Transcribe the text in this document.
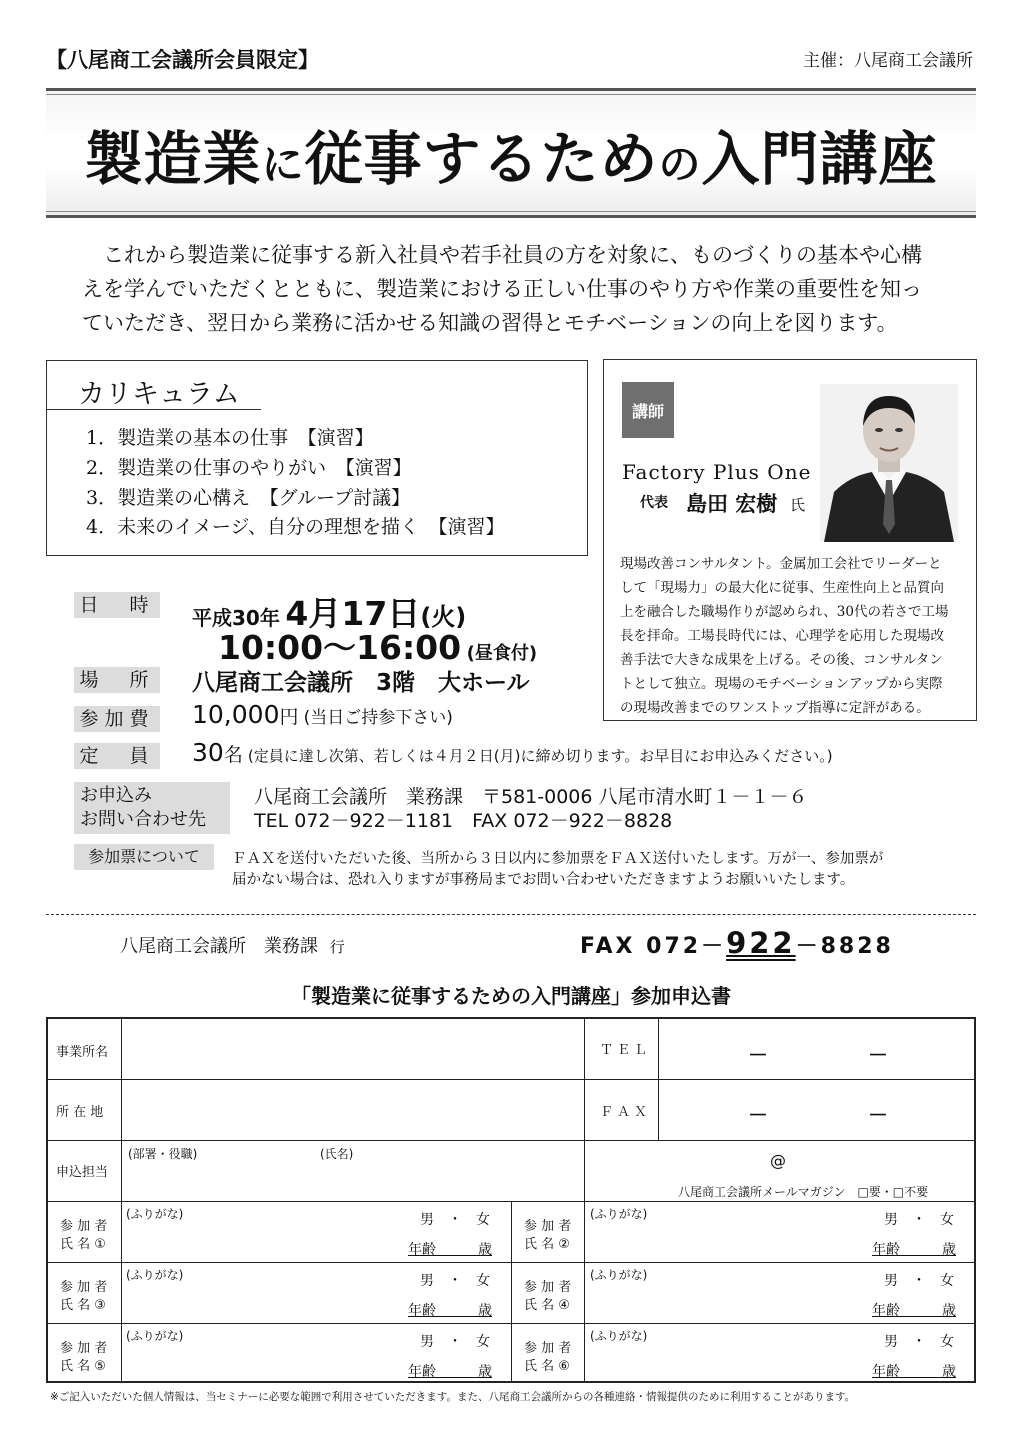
【八尾商工会議所会員限定】	主催：八尾商工会議所
製造業に従事するための入門講座

　これから製造業に従事する新入社員や若手社員の方を対象に、ものづくりの基本や心構

えを学んでいただくとともに、製造業における正しい仕事のやり方や作業の重要性を知っ

ていただき、翌日から業務に活かせる知識の習得とモチベーションの向上を図ります。

カリキュラム
1．製造業の基本の仕事　【演習】
2．製造業の仕事のやりがい　【演習】
3．製造業の心構え　【グループ討議】
4．未来のイメージ、自分の理想を描く　【演習】
講師
Factory Plus One
代表 島田 宏樹 氏

現場改善コンサルタント。金属加工会社でリーダーと

して「現場力」の最大化に従事、生産性向上と品質向

上を融合した職場作りが認められ、30代の若さで工場

長を拝命。工場長時代には、心理学を応用した現場改

善手法で大きな成果を上げる。その後、コンサルタン

トとして独立。現場のモチベーションアップから実際

の現場改善までのワンストップ指導に定評がある。

日　時
平成30年 4月17日(火)
10:00～16:00 (昼食付)
場　所 八尾商工会議所　3階　大ホール
参加費 10,000円 (当日ご持参下さい)
定　員 30名 (定員に達し次第、若しくは４月２日(月)に締め切ります。お早目にお申込みください。)
お申込み
お問い合わせ先
八尾商工会議所　業務課　〒581-0006 八尾市清水町１－１－６
TEL 072－922－1181　FAX 072－922－8828
参加票について	ＦＡＸを送付いただいた後、当所から３日以内に参加票をＦＡＸ送付いたします。万が一、参加票が
届かない場合は、恐れ入りますが事務局までお問い合わせいただきますようお願いいたします。
八尾商工会議所　業務課 行	FAX 072－922－8828
「製造業に従事するための入門講座」参加申込書
事業所名	ＴＥＬ	－	－
所 在 地	ＦＡＸ	－	－
申込担当
(部署・役職)	(氏名)	@
八尾商工会議所メールマガジン　□要・□不要
参 加 者
氏 名 ①
(ふりがな)	男　・　女
年齢　　　歳
参 加 者
氏 名 ②
(ふりがな)	男　・　女
年齢　　　歳
参 加 者
氏 名 ③
(ふりがな)	男　・　女
年齢　　　歳
参 加 者
氏 名 ④
(ふりがな)	男　・　女
年齢　　　歳
参 加 者
氏 名 ⑤
(ふりがな)	男　・　女
年齢　　　歳
参 加 者
氏 名 ⑥
(ふりがな)	男　・　女
年齢　　　歳
※ご記入いただいた個人情報は、当セミナーに必要な範囲で利用させていただきます。また、八尾商工会議所からの各種連絡・情報提供のために利用することがあります。
